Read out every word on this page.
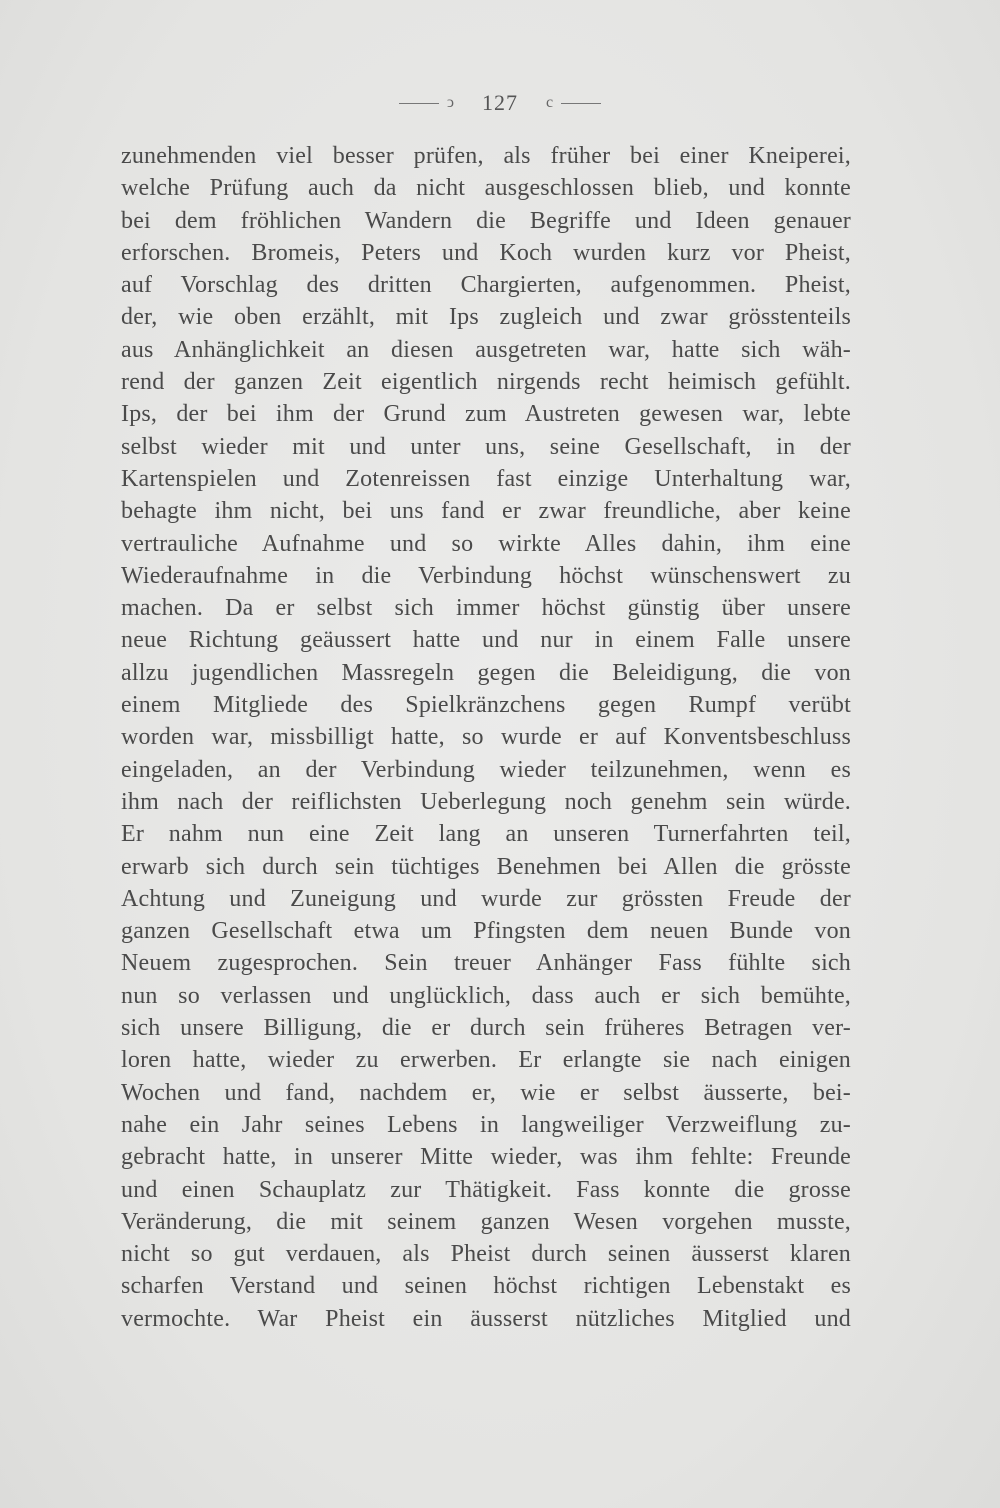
ↄ 127 c
zunehmenden viel besser prüfen, als früher bei einer Kneiperei,
welche Prüfung auch da nicht ausgeschlossen blieb, und konnte
bei dem fröhlichen Wandern die Begriffe und Ideen genauer
erforschen. Bromeis, Peters und Koch wurden kurz vor Pheist,
auf Vorschlag des dritten Chargierten, aufgenommen. Pheist,
der, wie oben erzählt, mit Ips zugleich und zwar grösstenteils
aus Anhänglichkeit an diesen ausgetreten war, hatte sich wäh-
rend der ganzen Zeit eigentlich nirgends recht heimisch gefühlt.
Ips, der bei ihm der Grund zum Austreten gewesen war, lebte
selbst wieder mit und unter uns, seine Gesellschaft, in der
Kartenspielen und Zotenreissen fast einzige Unterhaltung war,
behagte ihm nicht, bei uns fand er zwar freundliche, aber keine
vertrauliche Aufnahme und so wirkte Alles dahin, ihm eine
Wiederaufnahme in die Verbindung höchst wünschenswert zu
machen. Da er selbst sich immer höchst günstig über unsere
neue Richtung geäussert hatte und nur in einem Falle unsere
allzu jugendlichen Massregeln gegen die Beleidigung, die von
einem Mitgliede des Spielkränzchens gegen Rumpf verübt
worden war, missbilligt hatte, so wurde er auf Konventsbeschluss
eingeladen, an der Verbindung wieder teilzunehmen, wenn es
ihm nach der reiflichsten Ueberlegung noch genehm sein würde.
Er nahm nun eine Zeit lang an unseren Turnerfahrten teil,
erwarb sich durch sein tüchtiges Benehmen bei Allen die grösste
Achtung und Zuneigung und wurde zur grössten Freude der
ganzen Gesellschaft etwa um Pfingsten dem neuen Bunde von
Neuem zugesprochen. Sein treuer Anhänger Fass fühlte sich
nun so verlassen und unglücklich, dass auch er sich bemühte,
sich unsere Billigung, die er durch sein früheres Betragen ver-
loren hatte, wieder zu erwerben. Er erlangte sie nach einigen
Wochen und fand, nachdem er, wie er selbst äusserte, bei-
nahe ein Jahr seines Lebens in langweiliger Verzweiflung zu-
gebracht hatte, in unserer Mitte wieder, was ihm fehlte: Freunde
und einen Schauplatz zur Thätigkeit. Fass konnte die grosse
Veränderung, die mit seinem ganzen Wesen vorgehen musste,
nicht so gut verdauen, als Pheist durch seinen äusserst klaren
scharfen Verstand und seinen höchst richtigen Lebenstakt es
vermochte. War Pheist ein äusserst nützliches Mitglied und
